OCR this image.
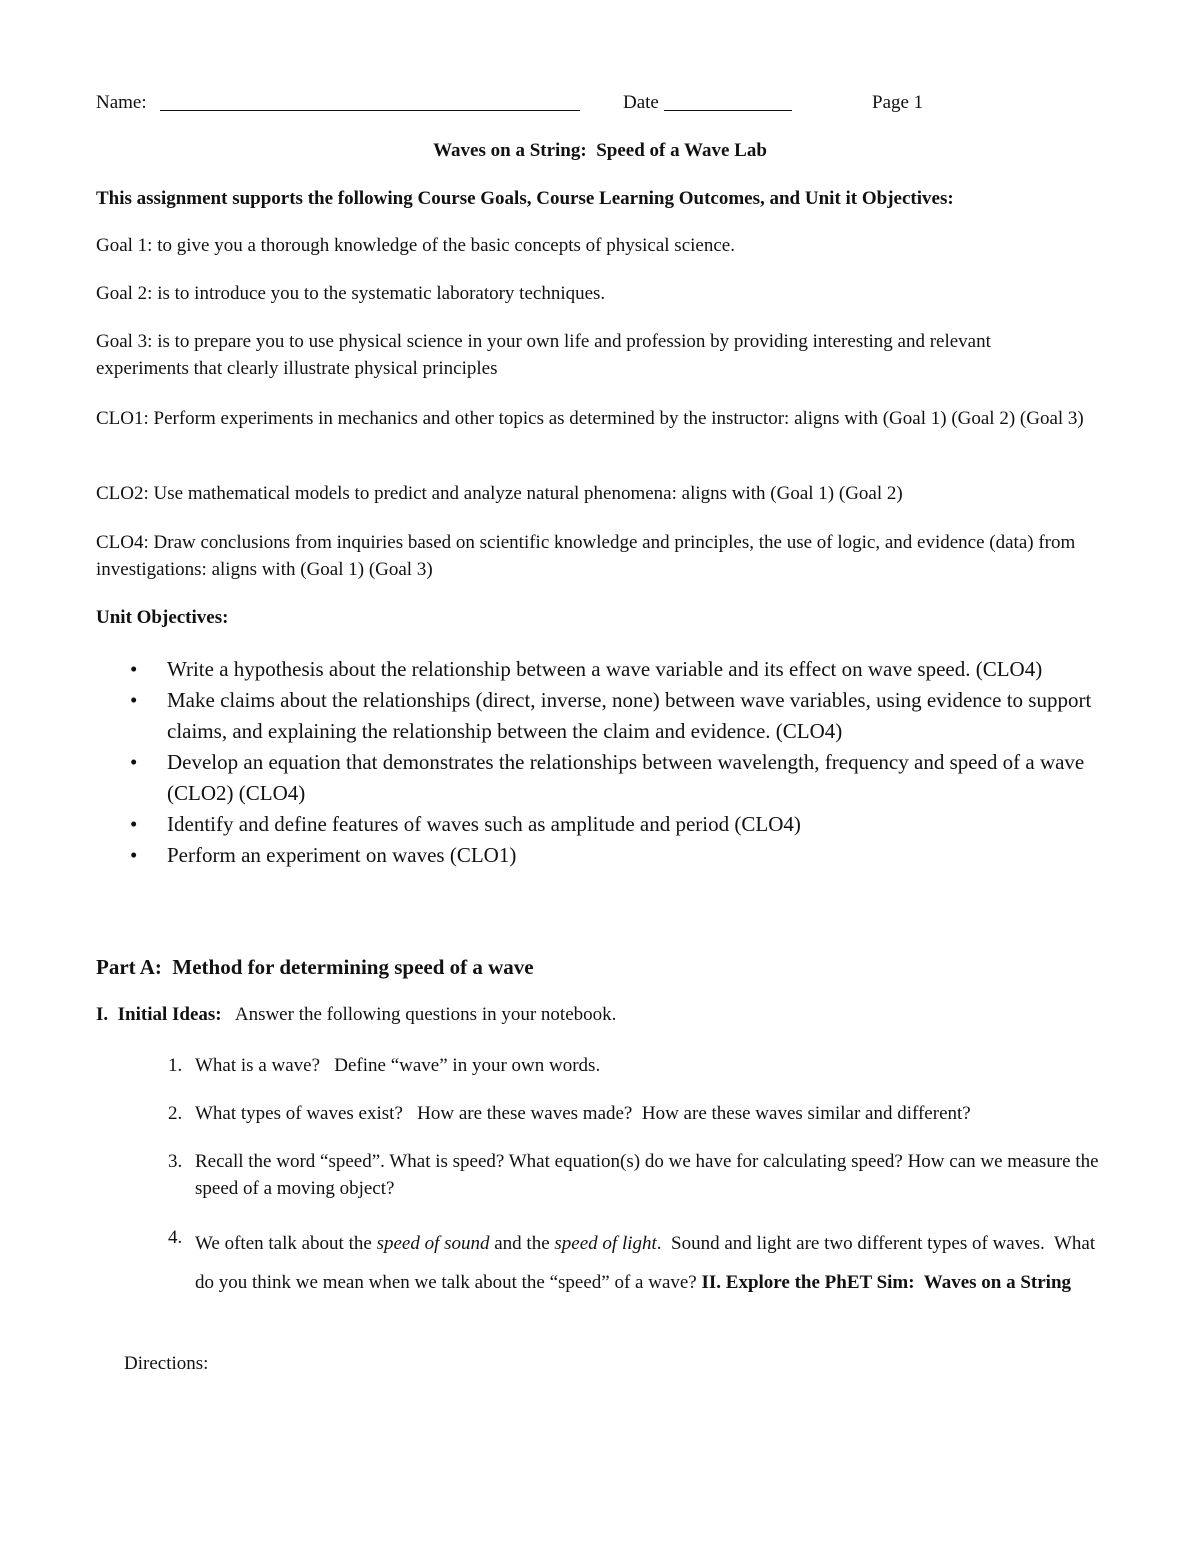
Name:	Date	Page 1
Waves on a String:  Speed of a Wave Lab
This assignment supports the following Course Goals, Course Learning Outcomes, and Unit it Objectives:
Goal 1: to give you a thorough knowledge of the basic concepts of physical science.
Goal 2: is to introduce you to the systematic laboratory techniques.
Goal 3: is to prepare you to use physical science in your own life and profession by providing interesting and relevant experiments that clearly illustrate physical principles
CLO1: Perform experiments in mechanics and other topics as determined by the instructor: aligns with (Goal 1) (Goal 2) (Goal 3)
CLO2: Use mathematical models to predict and analyze natural phenomena: aligns with (Goal 1) (Goal 2)
CLO4: Draw conclusions from inquiries based on scientific knowledge and principles, the use of logic, and evidence (data) from investigations: aligns with (Goal 1) (Goal 3)
Unit Objectives:
• Write a hypothesis about the relationship between a wave variable and its effect on wave speed. (CLO4)
• Make claims about the relationships (direct, inverse, none) between wave variables, using evidence to support claims, and explaining the relationship between the claim and evidence. (CLO4)
• Develop an equation that demonstrates the relationships between wavelength, frequency and speed of a wave (CLO2) (CLO4)
• Identify and define features of waves such as amplitude and period (CLO4)
• Perform an experiment on waves (CLO1)
Part A:  Method for determining speed of a wave
I.  Initial Ideas: Answer the following questions in your notebook.
1. What is a wave?   Define “wave” in your own words.
2. What types of waves exist?   How are these waves made?  How are these waves similar and different?
3. Recall the word “speed”. What is speed? What equation(s) do we have for calculating speed? How can we measure the speed of a moving object?
4. We often talk about the speed of sound and the speed of light.  Sound and light are two different types of waves.  What do you think we mean when we talk about the “speed” of a wave? II. Explore the PhET Sim:  Waves on a String
Directions:
